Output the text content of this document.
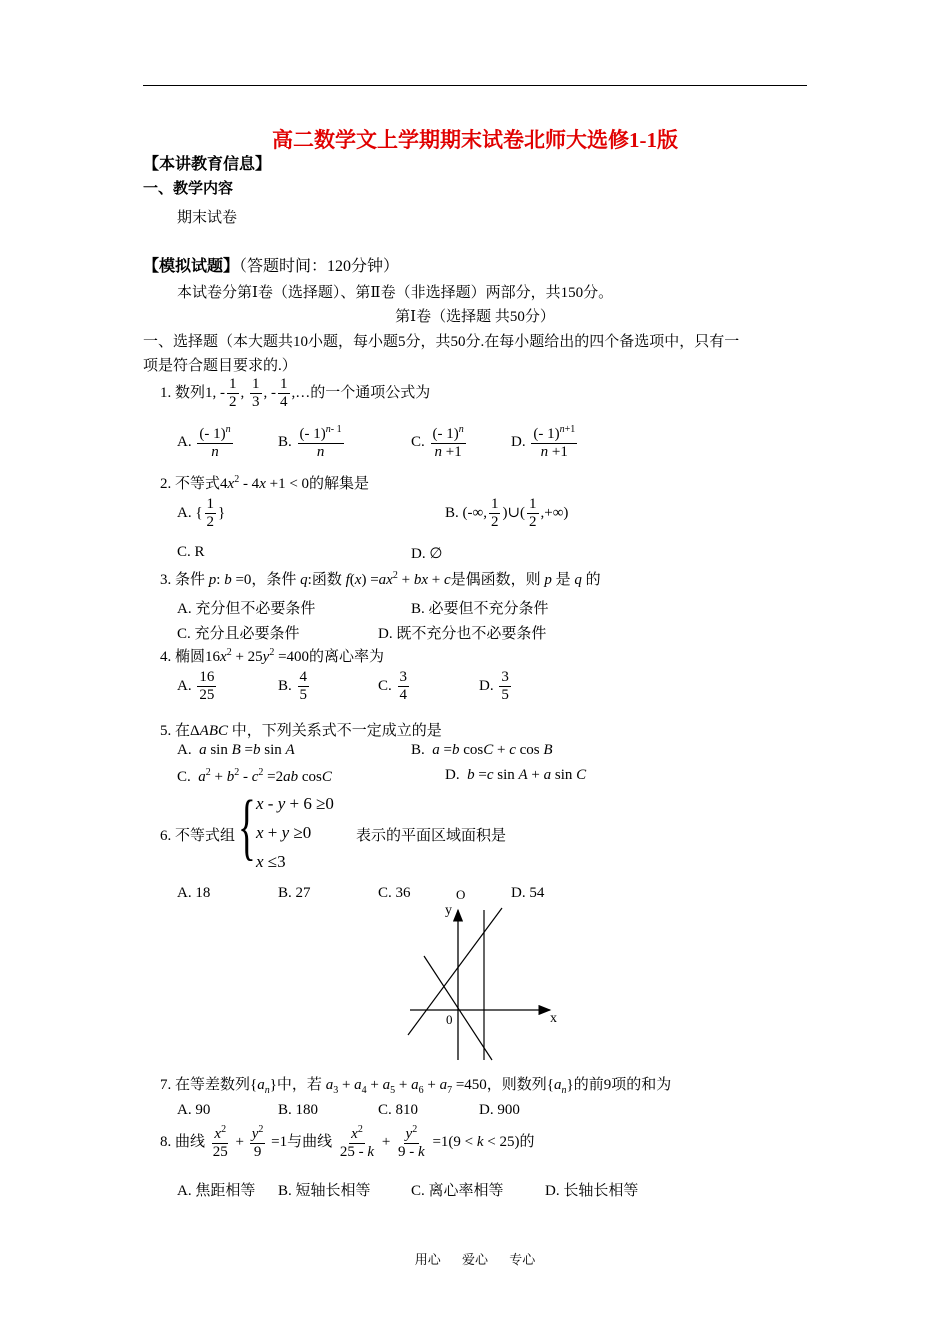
高二数学文上学期期末试卷北师大选修1-1版
【本讲教育信息】
一、教学内容
期末试卷
【模拟试题】（答题时间：120分钟）
本试卷分第Ⅰ卷（选择题）、第Ⅱ卷（非选择题）两部分，共150分。
第Ⅰ卷（选择题 共50分）
一、选择题（本大题共10小题，每小题5分，共50分.在每小题给出的四个备选项中，只有一
项是符合题目要求的.）
1. 数列1, - $\frac{1}{2}$ , $\frac{1}{3}$ , - $\frac{1}{4}$ ,…的一个通项公式为
A. $\frac{(- 1)^n}{n}$	B. $\frac{(- 1)^{n- 1}}{n}$	C. $\frac{(- 1)^n}{n +1}$	D. $\frac{(- 1)^{n+1}}{n +1}$
2. 不等式$4x^2 - 4x +1 < 0$的解集是
A. { $\frac{1}{2}$ }	B. (-∞, $\frac{1}{2}$ )∪( $\frac{1}{2}$ ,+∞)
C. R	D. ∅
3. 条件 p: b =0，条件 q:函数 $f(x) =ax^2$ + bx + c是偶函数，则 p 是 q 的
A. 充分但不必要条件	B. 必要但不充分条件
C. 充分且必要条件	D. 既不充分也不必要条件
4. 椭圆$16x^2 + 25y^2 =400$的离心率为
A. $\frac{16}{25}$	B. $\frac{4}{5}$	C. $\frac{3}{4}$	D. $\frac{3}{5}$
5. 在ΔABC 中，下列关系式不一定成立的是
A. a sin B =b sin A	B. a =b cosC + c cos B
C. $a^2 + b^2 - c^2 =2ab$ cosC	D. b =c sin A + a sin C
6. 不等式组 { x - y + 6 ≥0
x + y ≥0
x ≤3
表示的平面区域面积是
A. 18	B. 27	C. 36	O	D. 54
y
x
0
7. 在等差数列$\{a_n\}$中，若 $a_3 + a_4 + a_5 + a_6 + a_7 =450$，则数列$\{a_n\}$的前9项的和为
A. 90	B. 180	C. 810	D. 900
8. 曲线 $\frac{x^2}{25} + \frac{y^2}{9} =1$与曲线 $\frac{x^2}{25 - k} + \frac{y^2}{9 - k} =1(9 < k < 25)$的
A. 焦距相等 B. 短轴长相等	C. 离心率相等	D. 长轴长相等
用心 爱心 专心
